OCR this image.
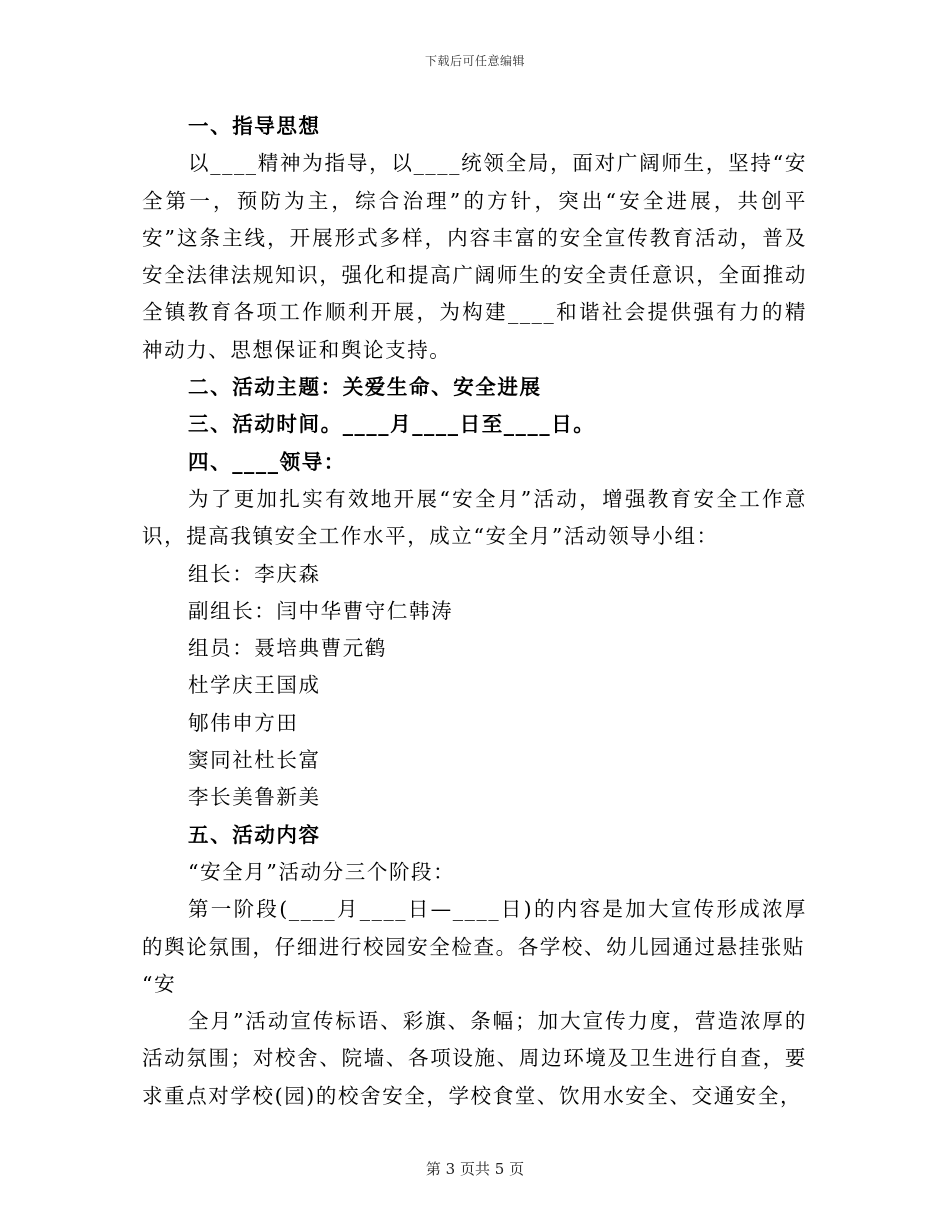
下载后可任意编辑

一、指导思想

以____精神为指导，以____统领全局，面对广阔师生，坚持“安全第一，预防为主，综合治理”的方针，突出“安全进展，共创平安”这条主线，开展形式多样，内容丰富的安全宣传教育活动，普及安全法律法规知识，强化和提高广阔师生的安全责任意识，全面推动全镇教育各项工作顺利开展，为构建____和谐社会提供强有力的精神动力、思想保证和舆论支持。

二、活动主题：关爱生命、安全进展

三、活动时间。____月____日至____日。

四、____领导：

为了更加扎实有效地开展“安全月”活动，增强教育安全工作意识，提高我镇安全工作水平，成立“安全月”活动领导小组：

组长：李庆森

副组长：闫中华曹守仁韩涛

组员：聂培典曹元鹤

杜学庆王国成

郇伟申方田

窦同社杜长富

李长美鲁新美

五、活动内容

“安全月”活动分三个阶段：

第一阶段(____月____日—____日)的内容是加大宣传形成浓厚的舆论氛围，仔细进行校园安全检查。各学校、幼儿园通过悬挂张贴

“安

全月”活动宣传标语、彩旗、条幅；加大宣传力度，营造浓厚的活动氛围；对校舍、院墙、各项设施、周边环境及卫生进行自查，要求重点对学校(园)的校舍安全，学校食堂、饮用水安全、交通安全，

第 3 页共 5 页
